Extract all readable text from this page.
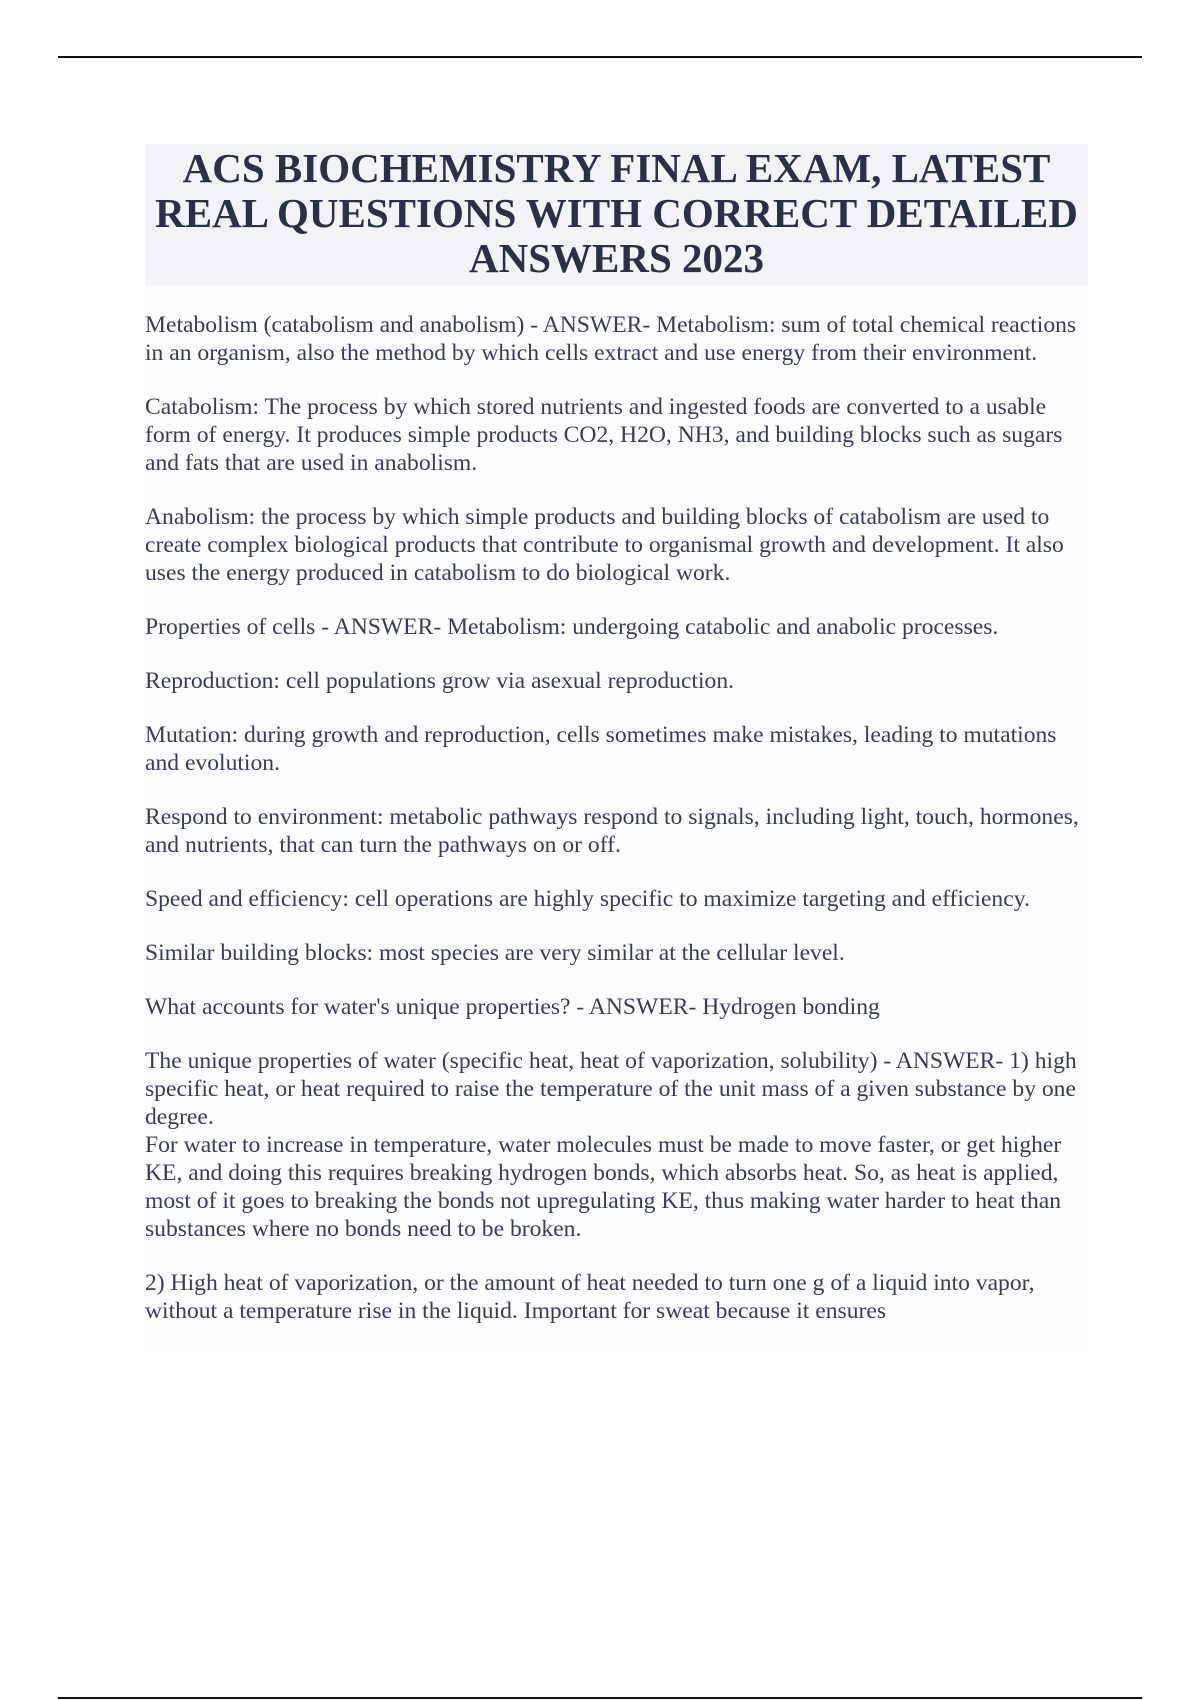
ACS BIOCHEMISTRY FINAL EXAM, LATEST REAL QUESTIONS WITH CORRECT DETAILED ANSWERS 2023

Metabolism (catabolism and anabolism) - ANSWER- Metabolism: sum of total chemical reactions in an organism, also the method by which cells extract and use energy from their environment.

Catabolism: The process by which stored nutrients and ingested foods are converted to a usable form of energy. It produces simple products CO2, H2O, NH3, and building blocks such as sugars and fats that are used in anabolism.

Anabolism: the process by which simple products and building blocks of catabolism are used to create complex biological products that contribute to organismal growth and development. It also uses the energy produced in catabolism to do biological work.

Properties of cells - ANSWER- Metabolism: undergoing catabolic and anabolic processes.

Reproduction: cell populations grow via asexual reproduction.

Mutation: during growth and reproduction, cells sometimes make mistakes, leading to mutations and evolution.

Respond to environment: metabolic pathways respond to signals, including light, touch, hormones, and nutrients, that can turn the pathways on or off.

Speed and efficiency: cell operations are highly specific to maximize targeting and efficiency.

Similar building blocks: most species are very similar at the cellular level.

What accounts for water's unique properties? - ANSWER- Hydrogen bonding

The unique properties of water (specific heat, heat of vaporization, solubility) - ANSWER- 1) high specific heat, or heat required to raise the temperature of the unit mass of a given substance by one degree.

For water to increase in temperature, water molecules must be made to move faster, or get higher KE, and doing this requires breaking hydrogen bonds, which absorbs heat. So, as heat is applied, most of it goes to breaking the bonds not upregulating KE, thus making water harder to heat than substances where no bonds need to be broken.

2) High heat of vaporization, or the amount of heat needed to turn one g of a liquid into vapor, without a temperature rise in the liquid. Important for sweat because it ensures
